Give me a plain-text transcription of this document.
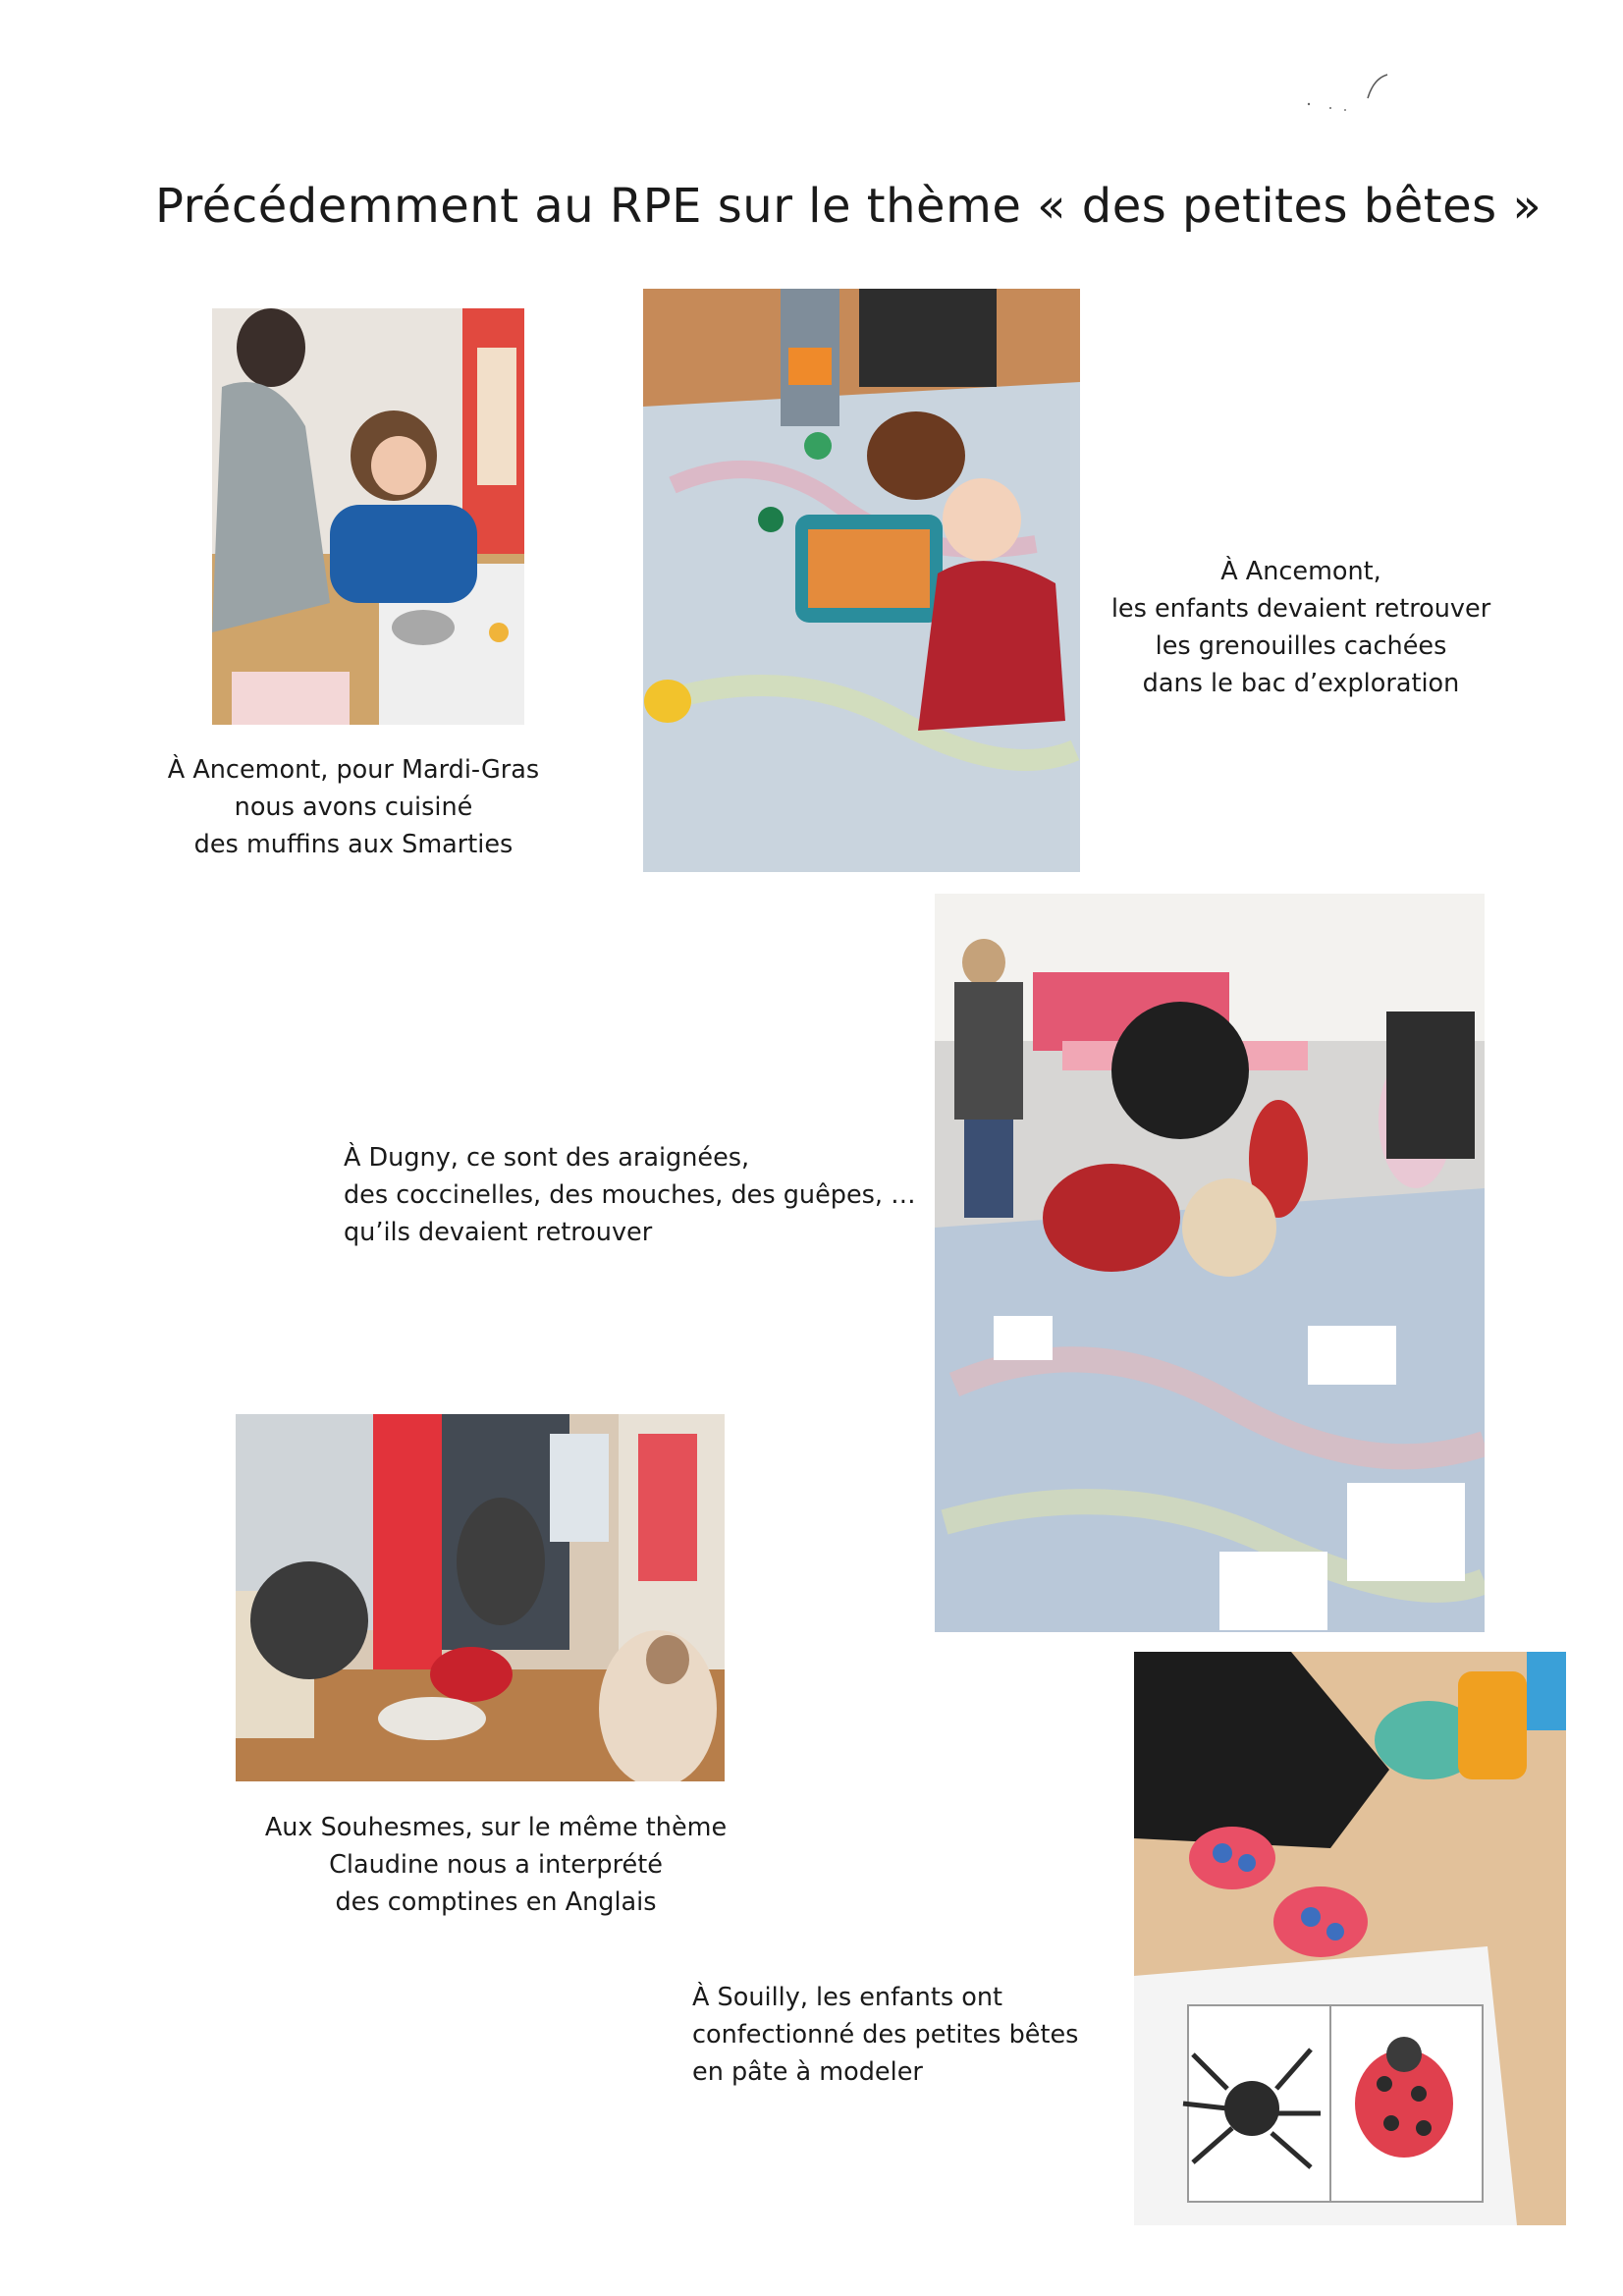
Précédemment au RPE sur le thème « des petites bêtes »
À Ancemont, pour Mardi-Gras
nous avons cuisiné
des muffins aux Smarties
À Ancemont,
les enfants devaient retrouver
les grenouilles cachées
dans le bac d’exploration
À Dugny, ce sont des araignées,
des coccinelles, des mouches, des guêpes, …
qu’ils devaient retrouver
Aux Souhesmes, sur le même thème
Claudine nous a interprété
des comptines en Anglais
À Souilly, les enfants ont
confectionné des petites bêtes
en pâte à modeler
